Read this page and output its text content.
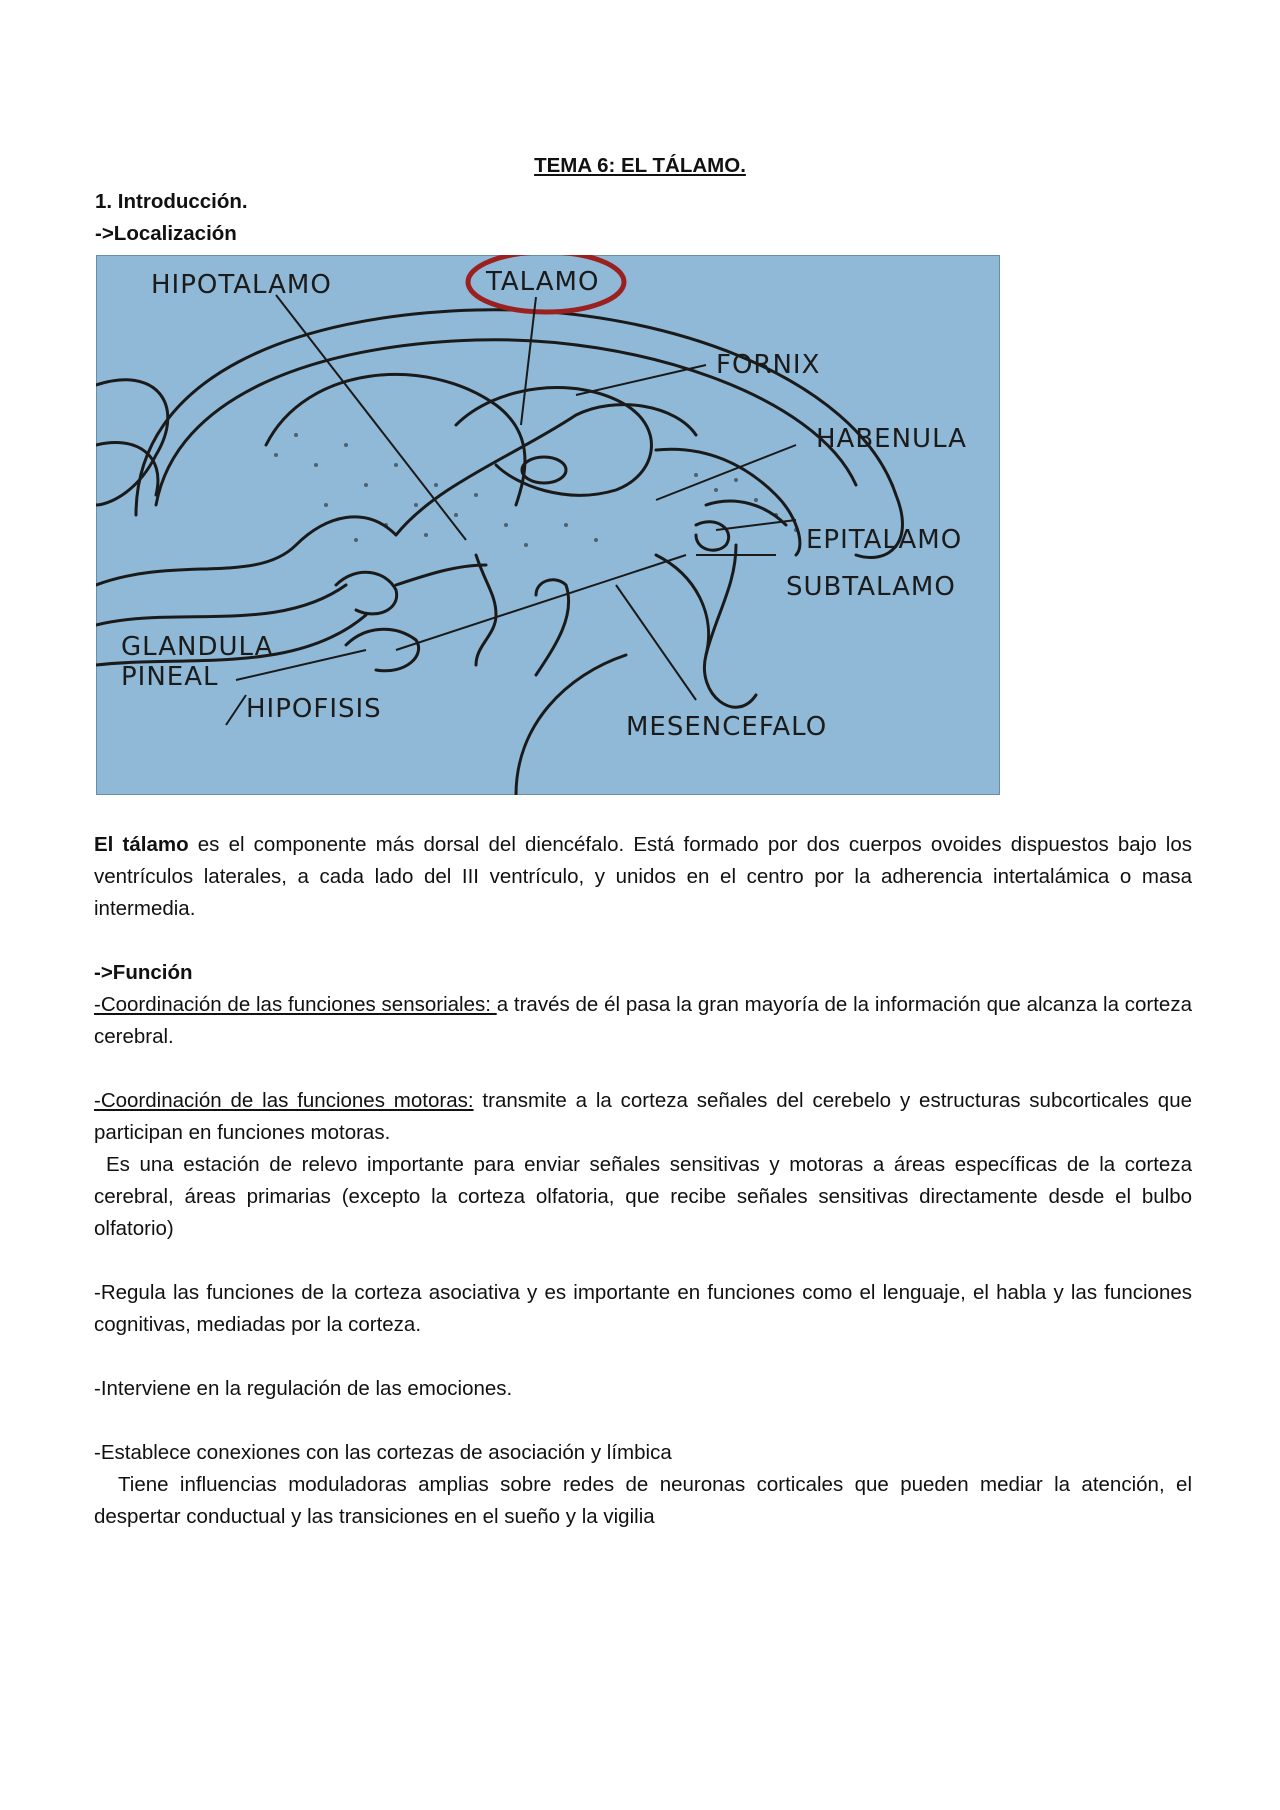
TEMA 6: EL TÁLAMO.
1. Introducción.
->Localización
HIPOTALAMO	TALAMO
FORNIX
HABENULA
EPITALAMO
SUBTALAMO
GLANDULA
PINEAL
HIPOFISIS
MESENCEFALO

El tálamo es el componente más dorsal del diencéfalo. Está formado por dos cuerpos ovoides dispuestos bajo los ventrículos laterales, a cada lado del III ventrículo, y unidos en el centro por la adherencia intertalámica o masa intermedia.

->Función

-Coordinación de las funciones sensoriales: a través de él pasa la gran mayoría de la información que alcanza la corteza cerebral.

-Coordinación de las funciones motoras: transmite a la corteza señales del cerebelo y estructuras subcorticales que participan en funciones motoras.

Es una estación de relevo importante para enviar señales sensitivas y motoras a áreas específicas de la corteza cerebral, áreas primarias (excepto la corteza olfatoria, que recibe señales sensitivas directamente desde el bulbo olfatorio)

-Regula las funciones de la corteza asociativa y es importante en funciones como el lenguaje, el habla y las funciones cognitivas, mediadas por la corteza.

-Interviene en la regulación de las emociones.

-Establece conexiones con las cortezas de asociación y límbica

Tiene influencias moduladoras amplias sobre redes de neuronas corticales que pueden mediar la atención, el despertar conductual y las transiciones en el sueño y la vigilia
